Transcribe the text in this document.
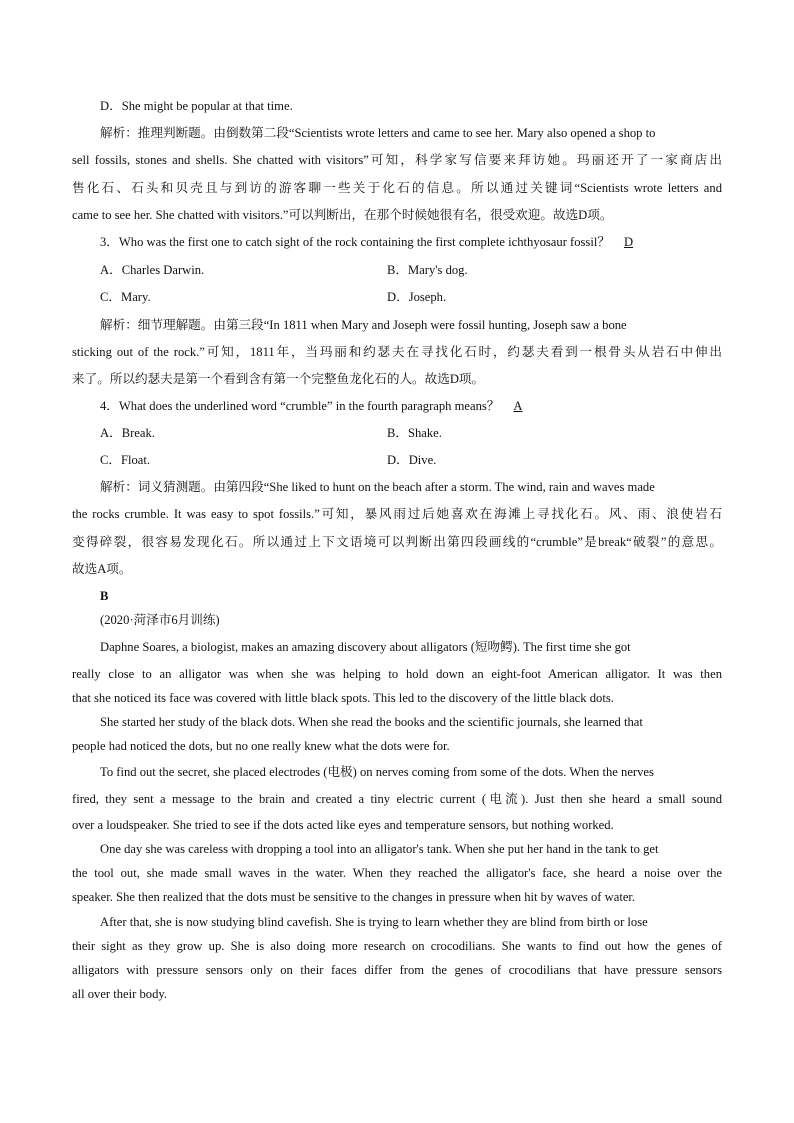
D．She might be popular at that time.
解析：推理判断题。由倒数第二段“Scientists wrote letters and came to see her. Mary also opened a shop to
sell fossils, stones and shells. She chatted with visitors”可知，科学家写信要来拜访她。玛丽还开了一家商店出
售化石、石头和贝壳且与到访的游客聊一些关于化石的信息。所以通过关键词“Scientists wrote letters and
came to see her. She chatted with visitors.”可以判断出，在那个时候她很有名，很受欢迎。故选D项。
3．Who was the first one to catch sight of the rock containing the first complete ichthyosaur fossil？ D
A．Charles Darwin.	B．Mary's dog.
C．Mary.	D．Joseph.
解析：细节理解题。由第三段“In 1811 when Mary and Joseph were fossil hunting, Joseph saw a bone
sticking out of the rock.”可知，1811年，当玛丽和约瑟夫在寻找化石时，约瑟夫看到一根骨头从岩石中伸出
来了。所以约瑟夫是第一个看到含有第一个完整鱼龙化石的人。故选D项。
4．What does the underlined word “crumble” in the fourth paragraph means？ A
A．Break.	B．Shake.
C．Float.	D．Dive.
解析：词义猜测题。由第四段“She liked to hunt on the beach after a storm. The wind, rain and waves made
the rocks crumble. It was easy to spot fossils.”可知，暴风雨过后她喜欢在海滩上寻找化石。风、雨、浪使岩石
变得碎裂，很容易发现化石。所以通过上下文语境可以判断出第四段画线的“crumble”是break“破裂”的意思。
故选A项。
B
(2020·菏泽市6月训练)
Daphne Soares, a biologist, makes an amazing discovery about alligators (短吻鳄). The first time she got
really close to an alligator was when she was helping to hold down an eight-foot American alligator. It was then
that she noticed its face was covered with little black spots. This led to the discovery of the little black dots.
She started her study of the black dots. When she read the books and the scientific journals, she learned that
people had noticed the dots, but no one really knew what the dots were for.
To find out the secret, she placed electrodes (电极) on nerves coming from some of the dots. When the nerves
fired, they sent a message to the brain and created a tiny electric current (电流). Just then she heard a small sound
over a loudspeaker. She tried to see if the dots acted like eyes and temperature sensors, but nothing worked.
One day she was careless with dropping a tool into an alligator's tank. When she put her hand in the tank to get
the tool out, she made small waves in the water. When they reached the alligator's face, she heard a noise over the
speaker. She then realized that the dots must be sensitive to the changes in pressure when hit by waves of water.
After that, she is now studying blind cavefish. She is trying to learn whether they are blind from birth or lose
their sight as they grow up. She is also doing more research on crocodilians. She wants to find out how the genes of
alligators with pressure sensors only on their faces differ from the genes of crocodilians that have pressure sensors
all over their body.
